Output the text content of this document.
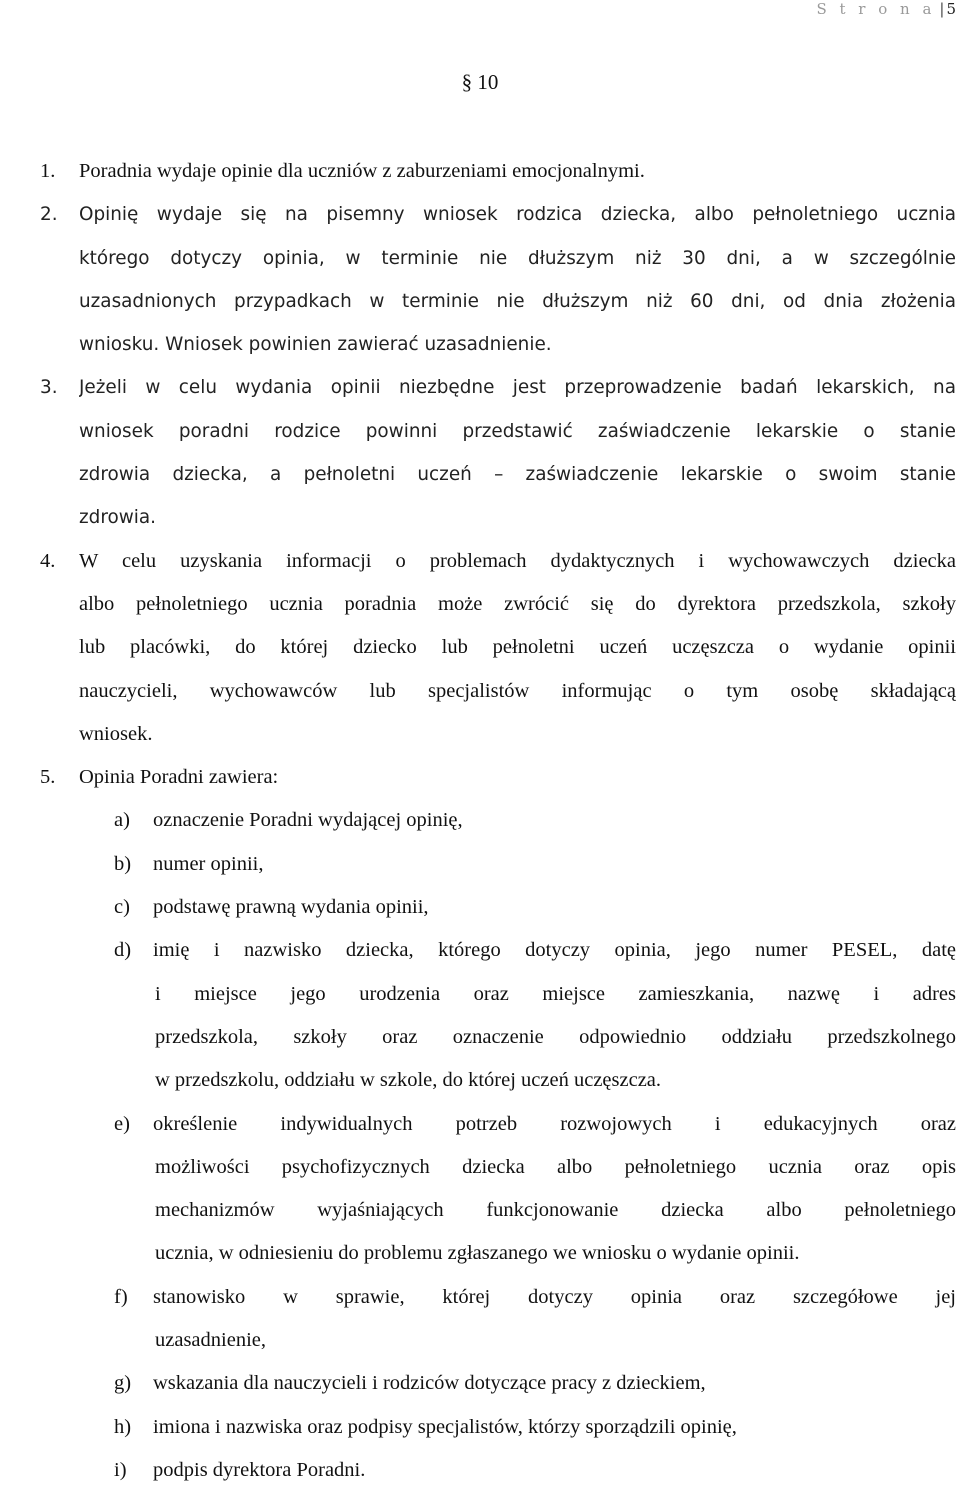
S t r o n a | 5
§ 10
1. Poradnia wydaje opinie dla uczniów z zaburzeniami emocjonalnymi.
2. Opinię wydaje się na pisemny wniosek rodzica dziecka, albo pełnoletniego ucznia
którego dotyczy opinia, w terminie nie dłuższym niż 30 dni, a w szczególnie
uzasadnionych przypadkach w terminie nie dłuższym niż 60 dni, od dnia złożenia
wniosku. Wniosek powinien zawierać uzasadnienie.
3. Jeżeli w celu wydania opinii niezbędne jest przeprowadzenie badań lekarskich, na
wniosek poradni rodzice powinni przedstawić zaświadczenie lekarskie o stanie
zdrowia dziecka, a pełnoletni uczeń – zaświadczenie lekarskie o swoim stanie
zdrowia.
4. W celu uzyskania informacji o problemach dydaktycznych i wychowawczych dziecka
albo pełnoletniego ucznia poradnia może zwrócić się do dyrektora przedszkola, szkoły
lub placówki, do której dziecko lub pełnoletni uczeń uczęszcza o wydanie opinii
nauczycieli, wychowawców lub specjalistów informując o tym osobę składającą
wniosek.
5. Opinia Poradni zawiera:
a) oznaczenie Poradni wydającej opinię,
b) numer opinii,
c) podstawę prawną wydania opinii,
d) imię i nazwisko dziecka, którego dotyczy opinia, jego numer PESEL, datę
i miejsce jego urodzenia oraz miejsce zamieszkania, nazwę i adres
przedszkola, szkoły oraz oznaczenie odpowiednio oddziału przedszkolnego
w przedszkolu, oddziału w szkole, do której uczeń uczęszcza.
e) określenie indywidualnych potrzeb rozwojowych i edukacyjnych oraz
możliwości psychofizycznych dziecka albo pełnoletniego ucznia oraz opis
mechanizmów wyjaśniających funkcjonowanie dziecka albo pełnoletniego
ucznia, w odniesieniu do problemu zgłaszanego we wniosku o wydanie opinii.
f) stanowisko w sprawie, której dotyczy opinia oraz szczegółowe jej
uzasadnienie,
g) wskazania dla nauczycieli i rodziców dotyczące pracy z dzieckiem,
h) imiona i nazwiska oraz podpisy specjalistów, którzy sporządzili opinię,
i) podpis dyrektora Poradni.
